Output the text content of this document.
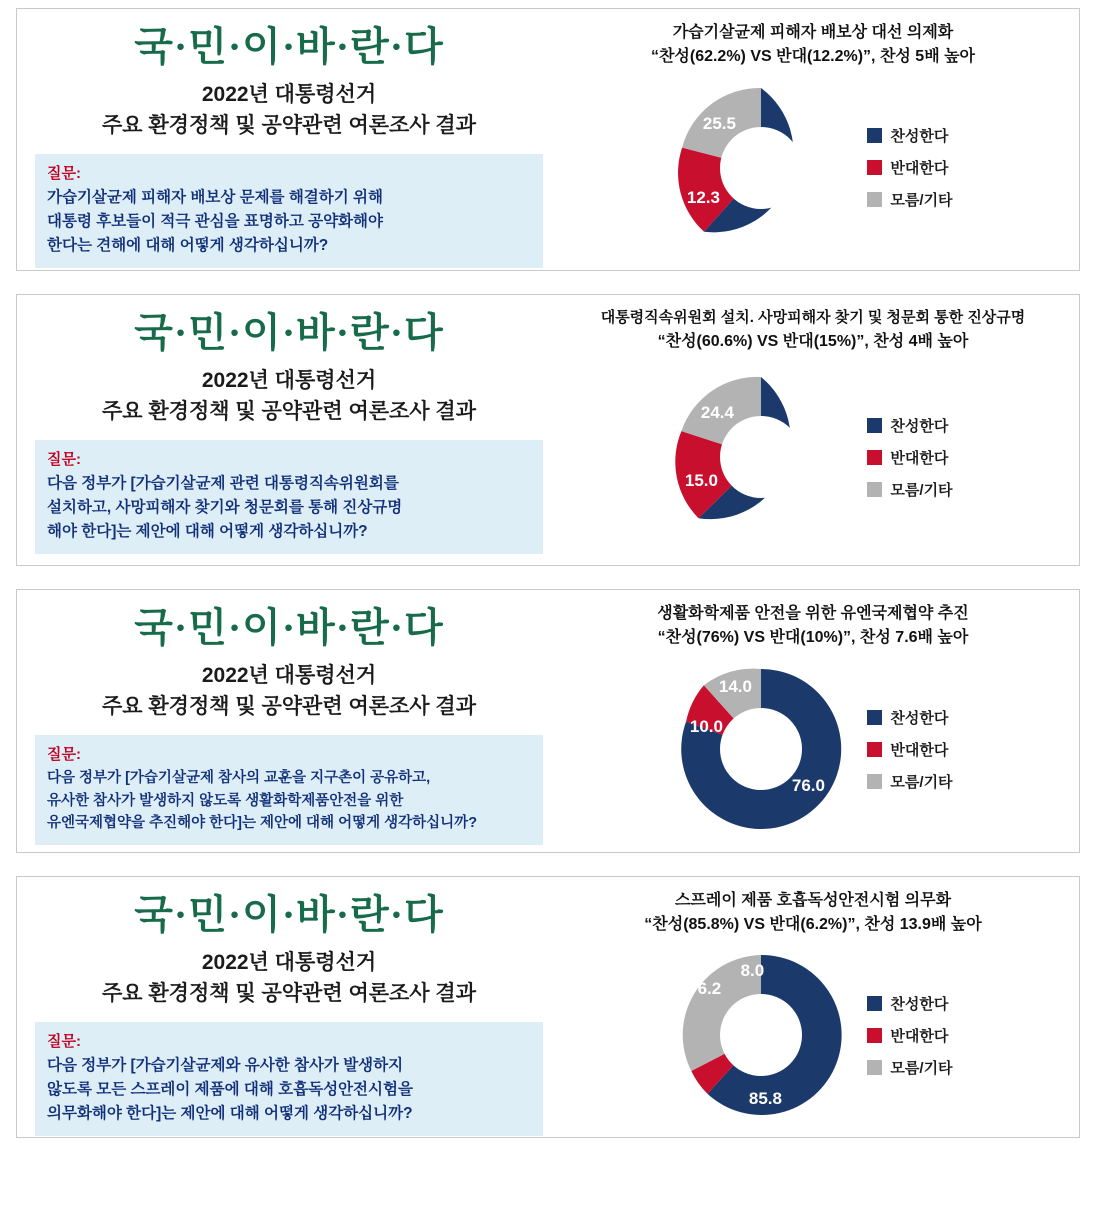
국·민·이·바·란·다
2022년 대통령선거
주요 환경정책 및 공약관련 여론조사 결과
질문:
가습기살균제 피해자 배보상 문제를 해결하기 위해
대통령 후보들이 적극 관심을 표명하고 공약화해야
한다는 견해에 대해 어떻게 생각하십니까?
가습기살균제 피해자 배보상 대선 의제화
“찬성(62.2%) VS 반대(12.2%)”, 찬성 5배 높아
62.2
12.3
25.5
찬성한다
반대한다
모름/기타
국·민·이·바·란·다
2022년 대통령선거
주요 환경정책 및 공약관련 여론조사 결과
질문:
다음 정부가 [가습기살균제 관련 대통령직속위원회를
설치하고, 사망피해자 찾기와 청문회를 통해 진상규명
해야 한다]는 제안에 대해 어떻게 생각하십니까?
대통령직속위원회 설치. 사망피해자 찾기 및 청문회 통한 진상규명
“찬성(60.6%) VS 반대(15%)”, 찬성 4배 높아
60.6
15.0
24.4
찬성한다
반대한다
모름/기타
국·민·이·바·란·다
2022년 대통령선거
주요 환경정책 및 공약관련 여론조사 결과
질문:
다음 정부가 [가습기살균제 참사의 교훈을 지구촌이 공유하고,
유사한 참사가 발생하지 않도록 생활화학제품안전을 위한
유엔국제협약을 추진해야 한다]는 제안에 대해 어떻게 생각하십니까?
생활화학제품 안전을 위한 유엔국제협약 추진
“찬성(76%) VS 반대(10%)”, 찬성 7.6배 높아
76.0
10.0
14.0
찬성한다
반대한다
모름/기타
국·민·이·바·란·다
2022년 대통령선거
주요 환경정책 및 공약관련 여론조사 결과
질문:
다음 정부가 [가습기살균제와 유사한 참사가 발생하지
않도록 모든 스프레이 제품에 대해 호흡독성안전시험을
의무화해야 한다]는 제안에 대해 어떻게 생각하십니까?
스프레이 제품 호흡독성안전시험 의무화
“찬성(85.8%) VS 반대(6.2%)”, 찬성 13.9배 높아
85.8
6.2
8.0
찬성한다
반대한다
모름/기타
